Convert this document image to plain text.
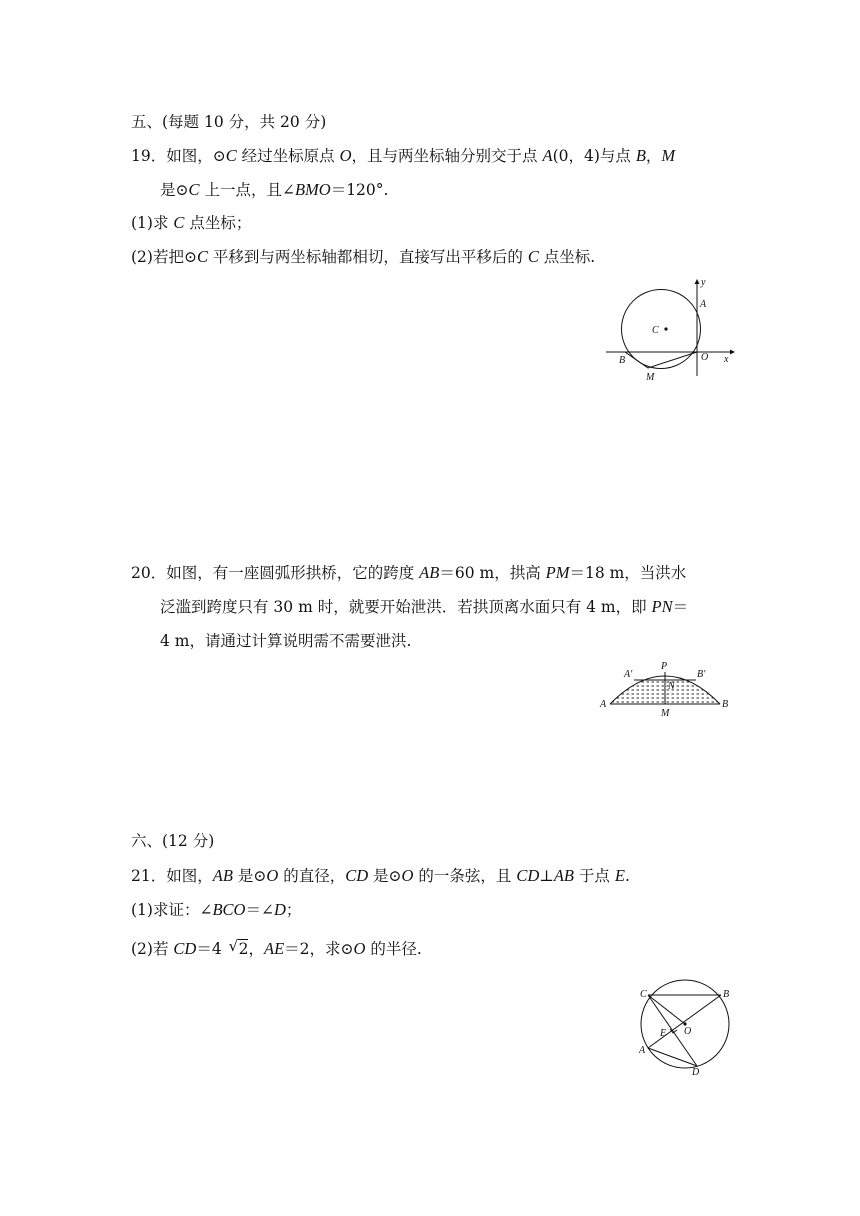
五、(每题 10 分，共 20 分)
19．如图，⊙C 经过坐标原点 O，且与两坐标轴分别交于点 A(0，4)与点 B，M
是⊙C 上一点，且∠BMO＝120°.
(1)求 C 点坐标；
(2)若把⊙C 平移到与两坐标轴都相切，直接写出平移后的 C 点坐标.
y
A
C
B	O x
M
20．如图，有一座圆弧形拱桥，它的跨度 AB＝60 m，拱高 PM＝18 m，当洪水
泛滥到跨度只有 30 m 时，就要开始泄洪．若拱顶离水面只有 4 m，即 PN＝
4 m，请通过计算说明需不需要泄洪.
P
A′	B′
N
A	B
M
六、(12 分)
21．如图，AB 是⊙O 的直径，CD 是⊙O 的一条弦，且 CD⊥AB 于点 E.
(1)求证：∠BCO＝∠D；
(2)若 CD＝4 √ 2，AE＝2，求⊙O 的半径.
C	B
E O
A
D
